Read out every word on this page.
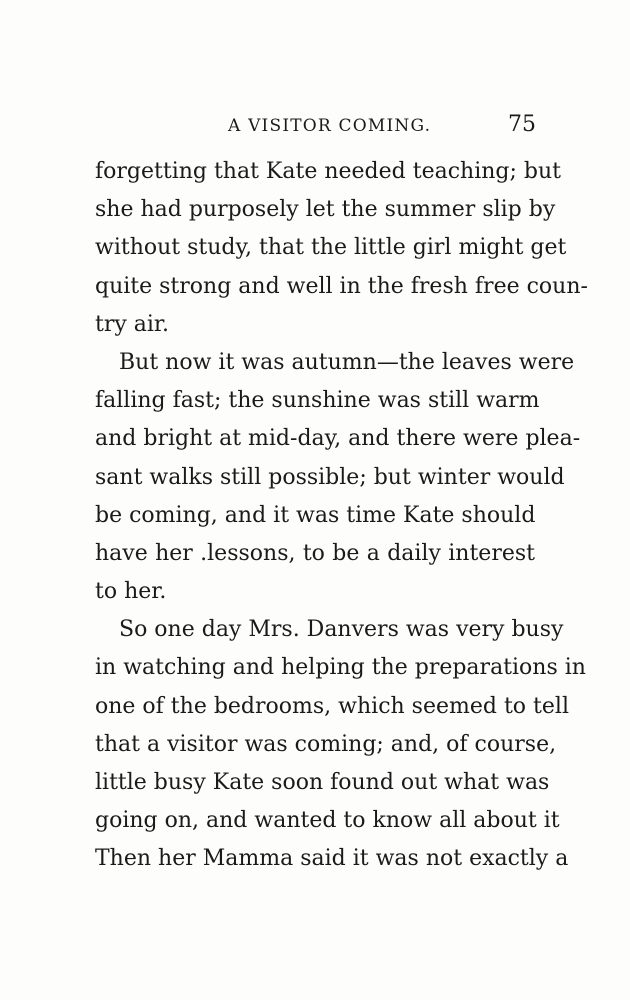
A VISITOR COMING.	75
forgetting that Kate needed teaching; but
she had purposely let the summer slip by
without study, that the little girl might get
quite strong and well in the fresh free coun-
try air.
But now it was autumn—the leaves were
falling fast; the sunshine was still warm
and bright at mid-day, and there were plea-
sant walks still possible; but winter would
be coming, and it was time Kate should
have her .lessons, to be a daily interest
to her.
So one day Mrs. Danvers was very busy
in watching and helping the preparations in
one of the bedrooms, which seemed to tell
that a visitor was coming; and, of course,
little busy Kate soon found out what was
going on, and wanted to know all about it
Then her Mamma said it was not exactly a
